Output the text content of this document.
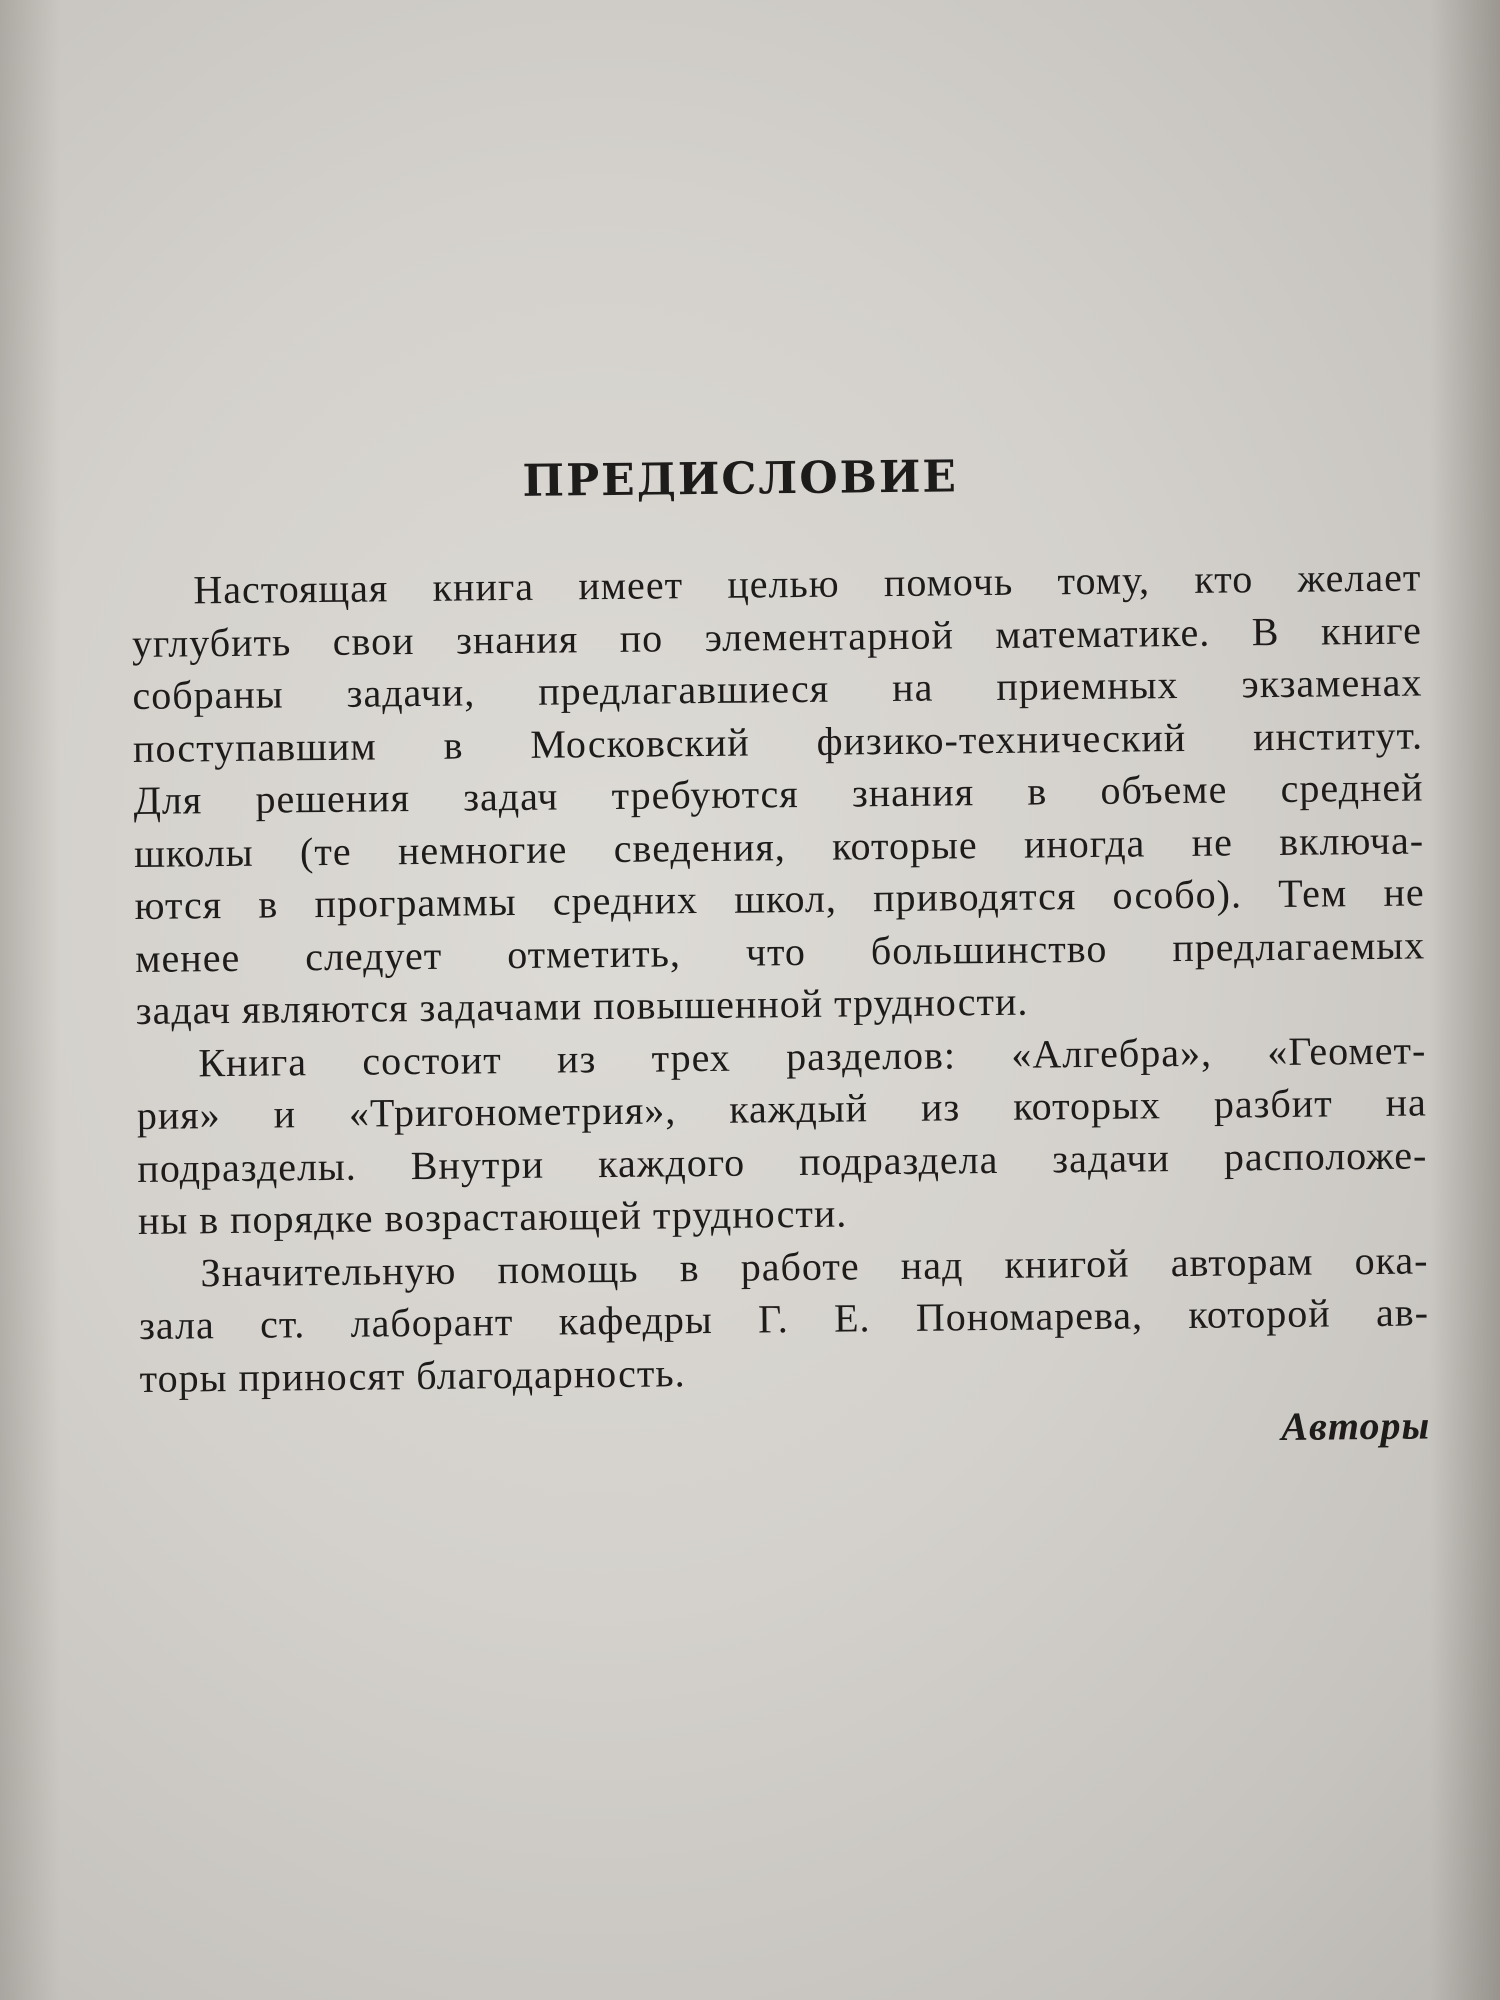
ПРЕДИСЛОВИЕ

Настоящая книга имеет целью помочь тому, кто желает
углубить свои знания по элементарной математике. В книге
собраны задачи, предлагавшиеся на приемных экзаменах
поступавшим в Московский физико-технический институт.
Для решения задач требуются знания в объеме средней
школы (те немногие сведения, которые иногда не включа-
ются в программы средних школ, приводятся особо). Тем не
менее следует отметить, что большинство предлагаемых
задач являются задачами повышенной трудности.

Книга состоит из трех разделов: «Алгебра», «Геомет-
рия» и «Тригонометрия», каждый из которых разбит на
подразделы. Внутри каждого подраздела задачи расположе-
ны в порядке возрастающей трудности.

Значительную помощь в работе над книгой авторам ока-
зала ст. лаборант кафедры Г. Е. Пономарева, которой ав-
торы приносят благодарность.

Авторы
